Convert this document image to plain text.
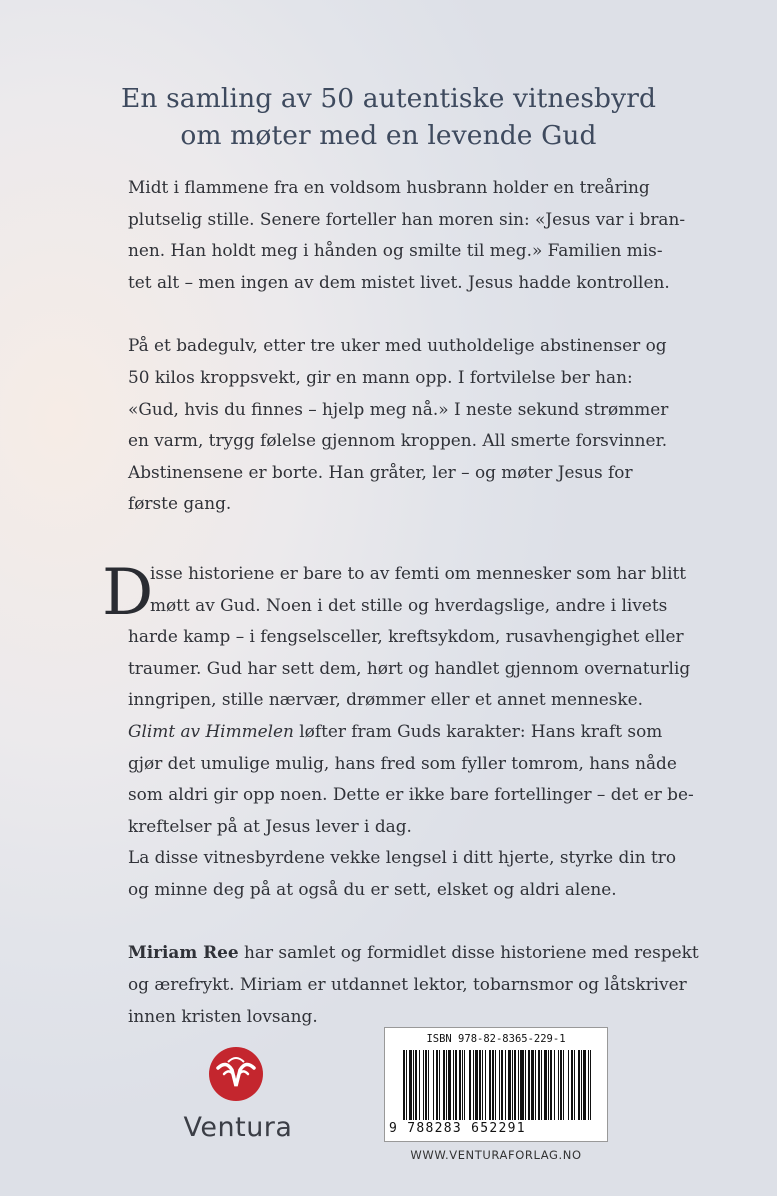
En samling av 50 autentiske vitnesbyrd
om møter med en levende Gud
Midt i flammene fra en voldsom husbrann holder en treåring
plutselig stille. Senere forteller han moren sin: «Jesus var i bran-
nen. Han holdt meg i hånden og smilte til meg.» Familien mis-
tet alt – men ingen av dem mistet livet. Jesus hadde kontrollen.
På et badegulv, etter tre uker med uutholdelige abstinenser og
50 kilos kroppsvekt, gir en mann opp. I fortvilelse ber han:
«Gud, hvis du finnes – hjelp meg nå.» I neste sekund strømmer
en varm, trygg følelse gjennom kroppen. All smerte forsvinner.
Abstinensene er borte. Han gråter, ler – og møter Jesus for
første gang.
D
isse historiene er bare to av femti om mennesker som har blitt
møtt av Gud. Noen i det stille og hverdagslige, andre i livets
harde kamp – i fengselsceller, kreftsykdom, rusavhengighet eller
traumer. Gud har sett dem, hørt og handlet gjennom overnaturlig
inngripen, stille nærvær, drømmer eller et annet menneske.
Glimt av Himmelen løfter fram Guds karakter: Hans kraft som
gjør det umulige mulig, hans fred som fyller tomrom, hans nåde
som aldri gir opp noen. Dette er ikke bare fortellinger – det er be-
kreftelser på at Jesus lever i dag.
La disse vitnesbyrdene vekke lengsel i ditt hjerte, styrke din tro
og minne deg på at også du er sett, elsket og aldri alene.
Miriam Ree har samlet og formidlet disse historiene med respekt
og ærefrykt. Miriam er utdannet lektor, tobarnsmor og låtskriver
innen kristen lovsang.
Ventura
ISBN 978-82-8365-229-1
9 788283 652291
WWW.VENTURAFORLAG.NO
